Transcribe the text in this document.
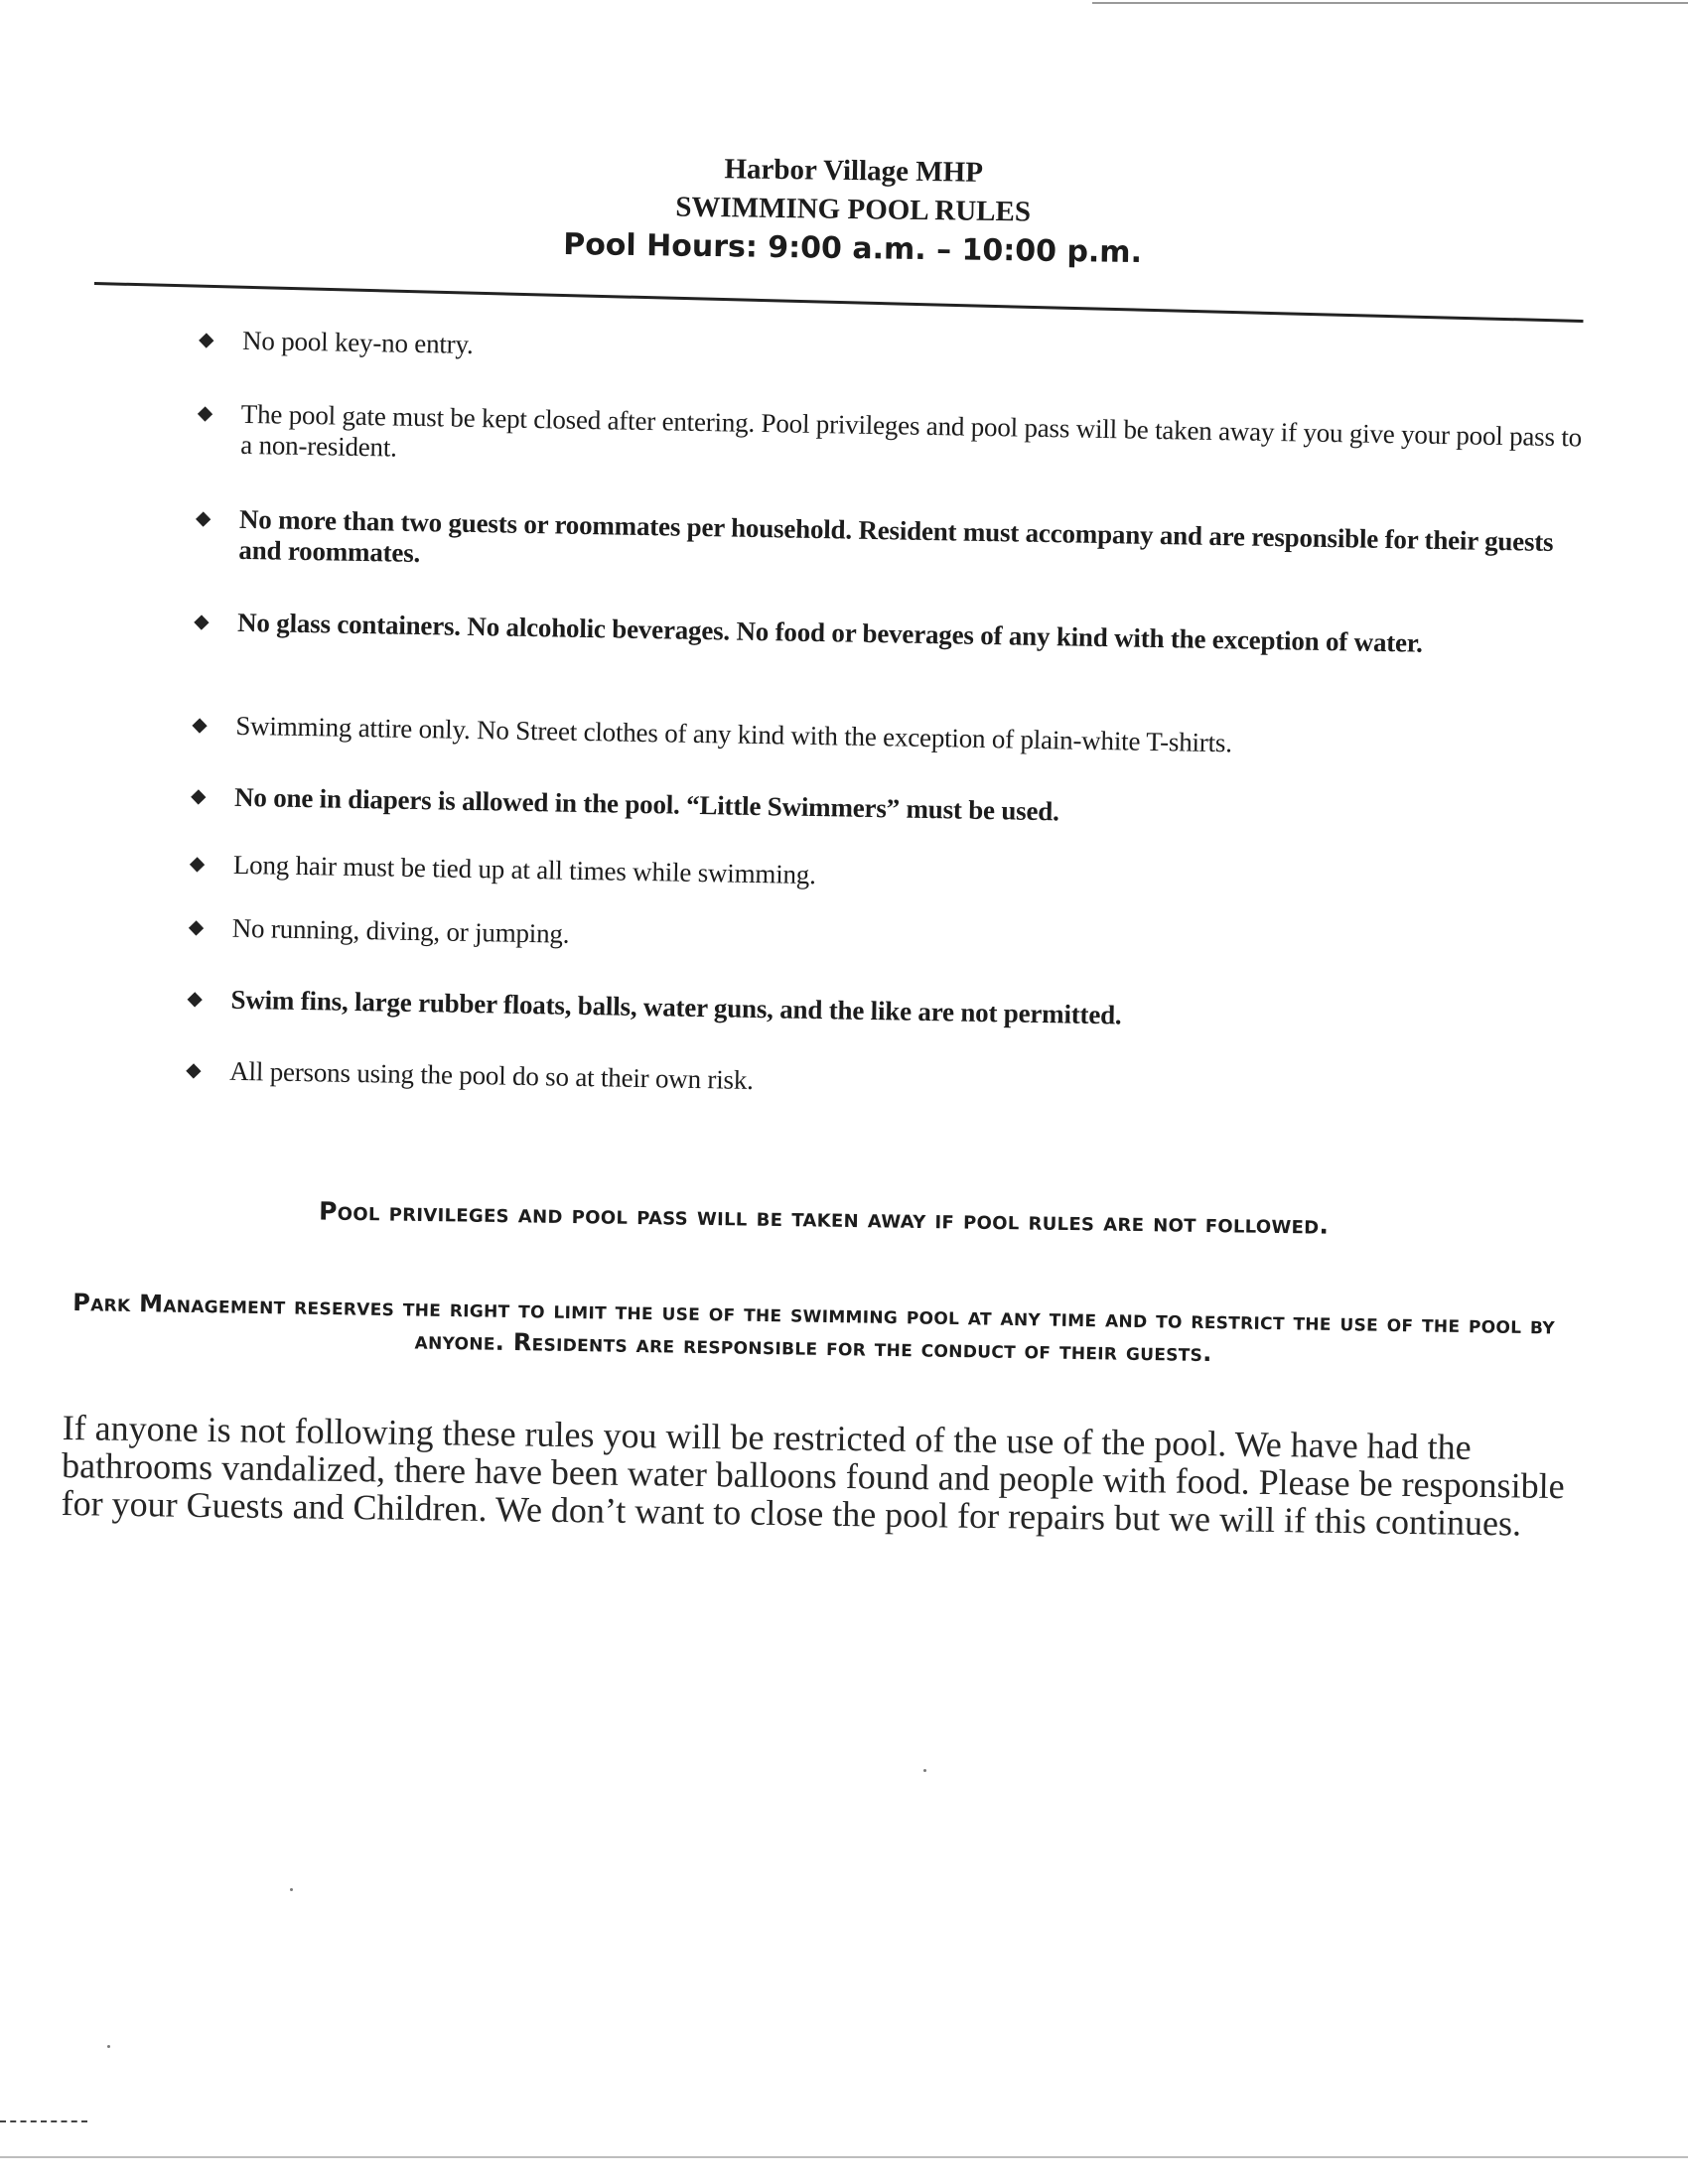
Harbor Village MHP
SWIMMING POOL RULES
Pool Hours: 9:00 a.m. – 10:00 p.m.
◆ No pool key-no entry.
◆ The pool gate must be kept closed after entering. Pool privileges and pool pass will be taken away if you give your pool pass to a non-resident.
◆ No more than two guests or roommates per household. Resident must accompany and are responsible for their guests and roommates.
◆ No glass containers. No alcoholic beverages. No food or beverages of any kind with the exception of water.
◆ Swimming attire only. No Street clothes of any kind with the exception of plain-white T-shirts.
◆ No one in diapers is allowed in the pool. “Little Swimmers” must be used.
◆ Long hair must be tied up at all times while swimming.
◆ No running, diving, or jumping.
◆ Swim fins, large rubber floats, balls, water guns, and the like are not permitted.
◆ All persons using the pool do so at their own risk.
Pool privileges and pool pass will be taken away if pool rules are not followed.
Park Management reserves the right to limit the use of the swimming pool at any time and to restrict the use of the pool by anyone. Residents are responsible for the conduct of their guests.
If anyone is not following these rules you will be restricted of the use of the pool. We have had the bathrooms vandalized, there have been water balloons found and people with food. Please be responsible for your Guests and Children. We don’t want to close the pool for repairs but we will if this continues.
